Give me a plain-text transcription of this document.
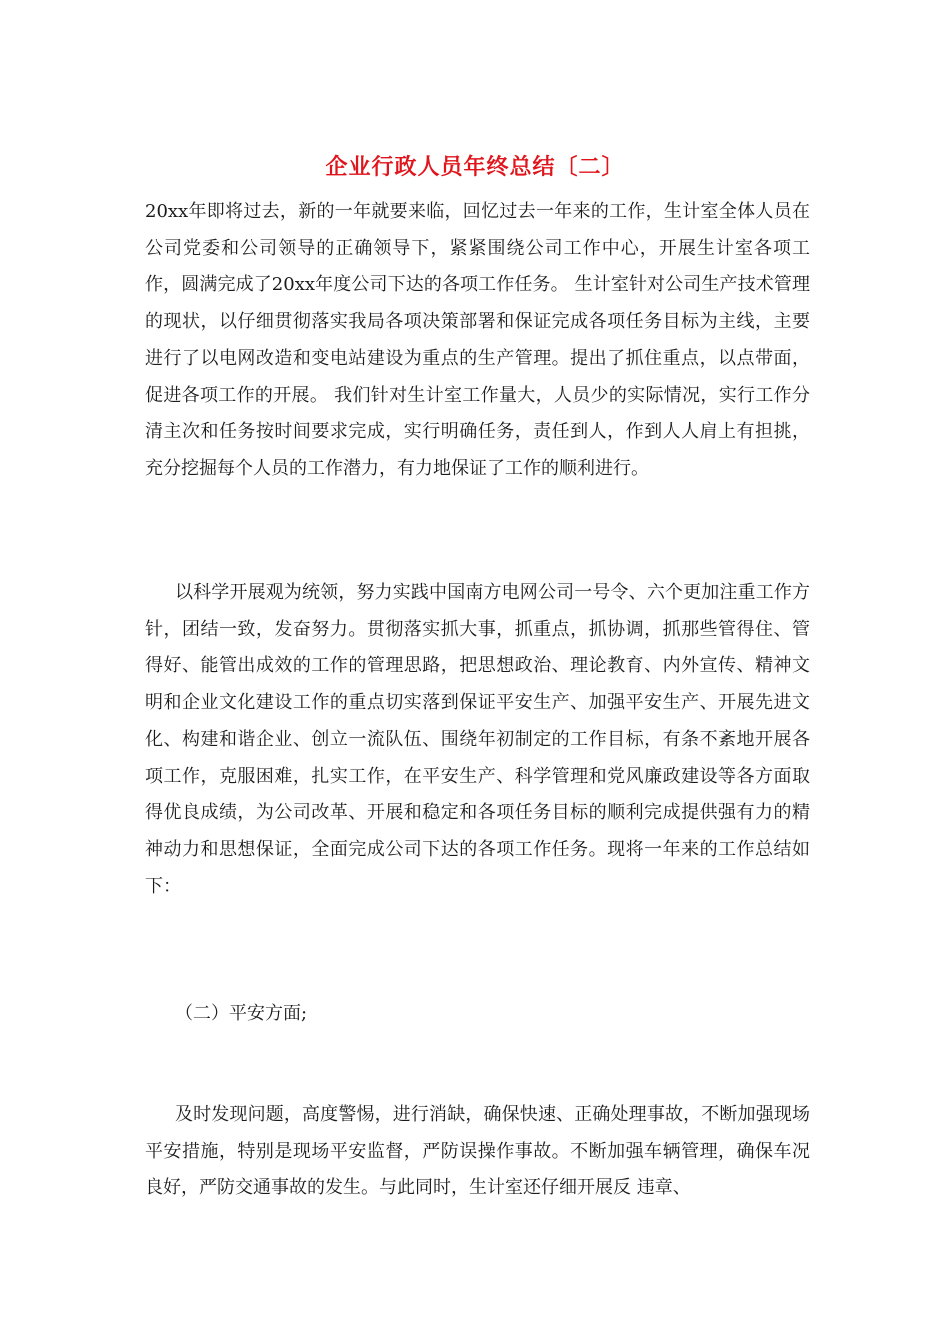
企业行政人员年终总结〔二〕

20xx年即将过去，新的一年就要来临，回忆过去一年来的工作，生计室全体人员在公司党委和公司领导的正确领导下，紧紧围绕公司工作中心，开展生计室各项工作，圆满完成了20xx年度公司下达的各项工作任务。 生计室针对公司生产技术管理的现状，以仔细贯彻落实我局各项决策部署和保证完成各项任务目标为主线，主要进行了以电网改造和变电站建设为重点的生产管理。提出了抓住重点，以点带面，促进各项工作的开展。 我们针对生计室工作量大，人员少的实际情况，实行工作分清主次和任务按时间要求完成，实行明确任务，责任到人，作到人人肩上有担挑，充分挖掘每个人员的工作潜力，有力地保证了工作的顺利进行。

以科学开展观为统领，努力实践中国南方电网公司一号令、六个更加注重工作方针，团结一致，发奋努力。贯彻落实抓大事，抓重点，抓协调，抓那些管得住、管得好、能管出成效的工作的管理思路，把思想政治、理论教育、内外宣传、精神文明和企业文化建设工作的重点切实落到保证平安生产、加强平安生产、开展先进文化、构建和谐企业、创立一流队伍、围绕年初制定的工作目标，有条不紊地开展各项工作，克服困难，扎实工作，在平安生产、科学管理和党风廉政建设等各方面取得优良成绩，为公司改革、开展和稳定和各项任务目标的顺利完成提供强有力的精神动力和思想保证，全面完成公司下达的各项工作任务。现将一年来的工作总结如下：

（二）平安方面;

及时发现问题，高度警惕，进行消缺，确保快速、正确处理事故，不断加强现场平安措施，特别是现场平安监督，严防误操作事故。不断加强车辆管理，确保车况良好，严防交通事故的发生。与此同时，生计室还仔细开展反 违章、
